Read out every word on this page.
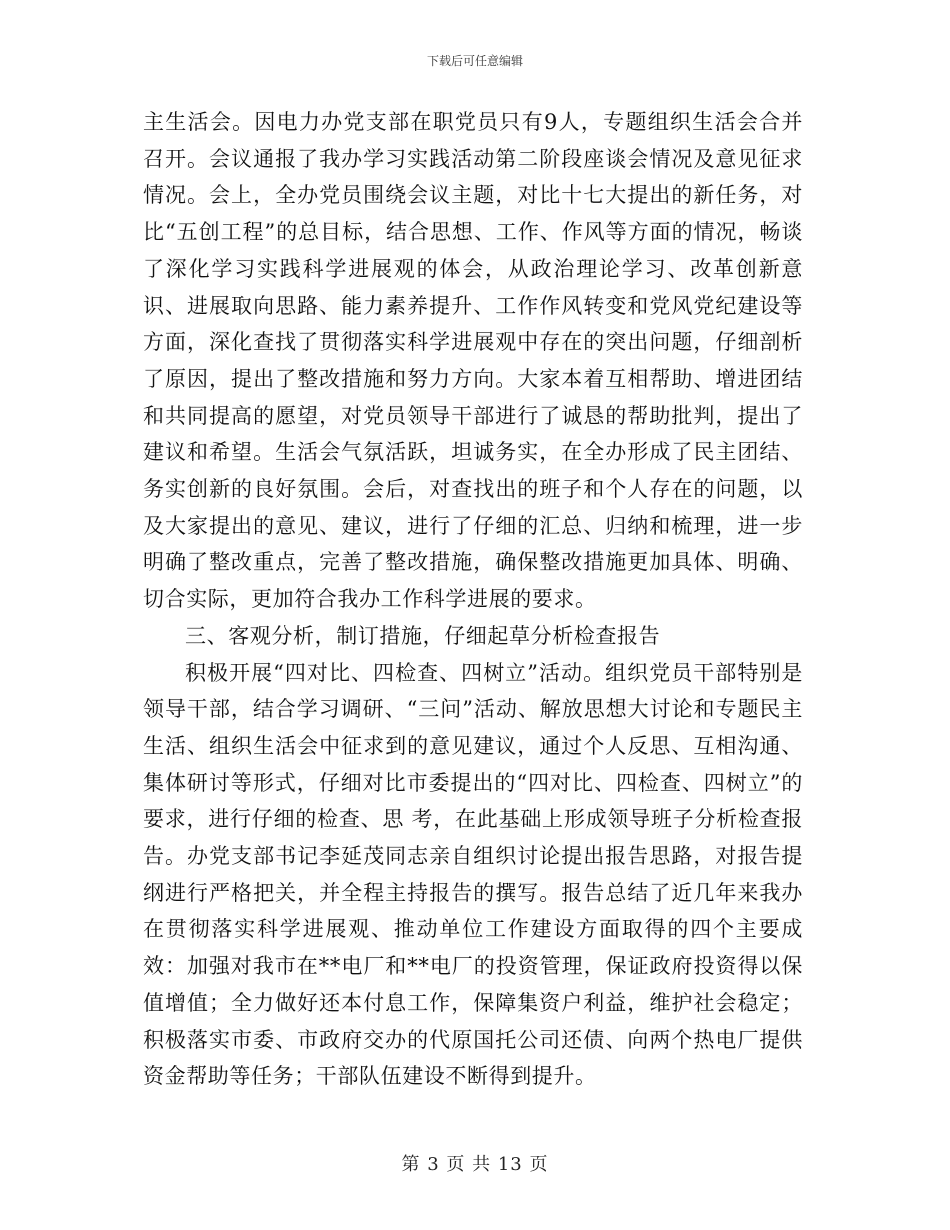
下载后可任意编辑

主生活会。因电力办党支部在职党员只有9人，专题组织生活会合并召开。会议通报了我办学习实践活动第二阶段座谈会情况及意见征求情况。会上，全办党员围绕会议主题，对比十七大提出的新任务，对比“五创工程”的总目标，结合思想、工作、作风等方面的情况，畅谈了深化学习实践科学进展观的体会，从政治理论学习、改革创新意识、进展取向思路、能力素养提升、工作作风转变和党风党纪建设等方面，深化查找了贯彻落实科学进展观中存在的突出问题，仔细剖析了原因，提出了整改措施和努力方向。大家本着互相帮助、增进团结和共同提高的愿望，对党员领导干部进行了诚恳的帮助批判，提出了建议和希望。生活会气氛活跃，坦诚务实，在全办形成了民主团结、务实创新的良好氛围。会后，对查找出的班子和个人存在的问题，以及大家提出的意见、建议，进行了仔细的汇总、归纳和梳理，进一步明确了整改重点，完善了整改措施，确保整改措施更加具体、明确、切合实际，更加符合我办工作科学进展的要求。

三、客观分析，制订措施，仔细起草分析检查报告

积极开展“四对比、四检查、四树立”活动。组织党员干部特别是领导干部，结合学习调研、“三问”活动、解放思想大讨论和专题民主生活、组织生活会中征求到的意见建议，通过个人反思、互相沟通、集体研讨等形式，仔细对比市委提出的“四对比、四检查、四树立”的要求，进行仔细的检查、思 考，在此基础上形成领导班子分析检查报告。办党支部书记李延茂同志亲自组织讨论提出报告思路，对报告提纲进行严格把关，并全程主持报告的撰写。报告总结了近几年来我办在贯彻落实科学进展观、推动单位工作建设方面取得的四个主要成效：加强对我市在**电厂和**电厂的投资管理，保证政府投资得以保值增值；全力做好还本付息工作，保障集资户利益，维护社会稳定；积极落实市委、市政府交办的代原国托公司还债、向两个热电厂提供资金帮助等任务；干部队伍建设不断得到提升。

第 3 页 共 13 页
